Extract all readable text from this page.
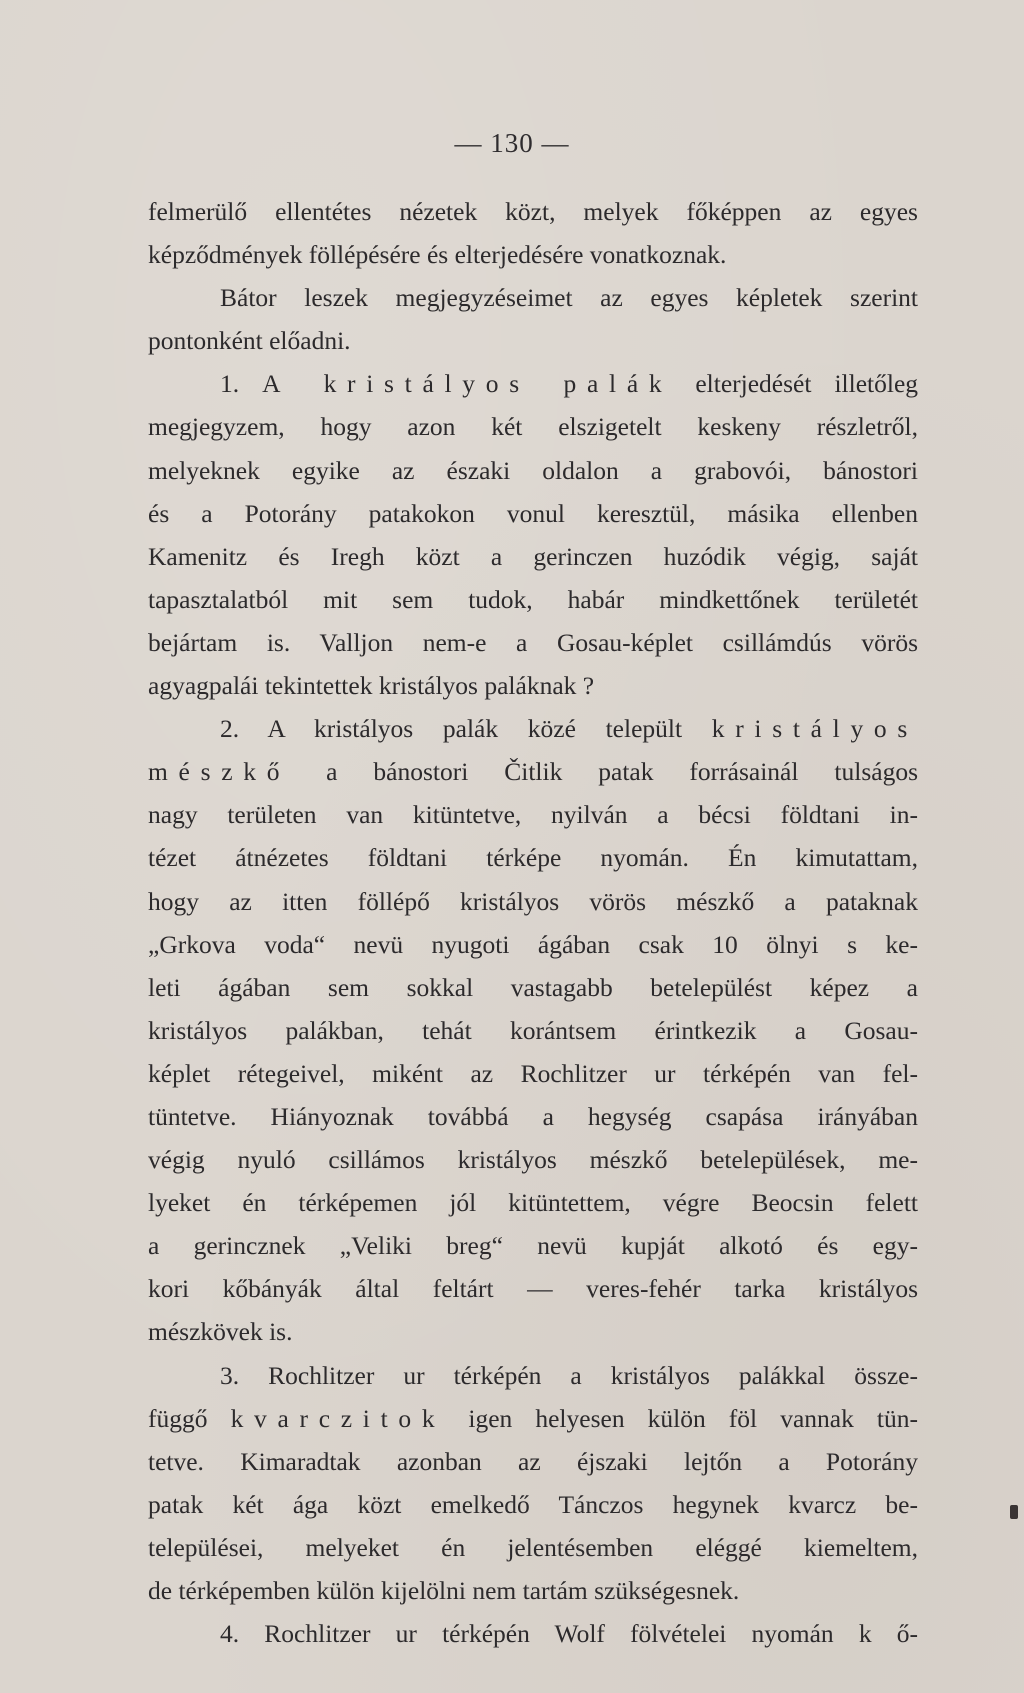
— 130 —
felmerülő ellentétes nézetek közt, melyek főképpen az egyes
képződmények föllépésére és elterjedésére vonatkoznak.
Bátor leszek megjegyzéseimet az egyes képletek szerint
pontonként előadni.
1. A kristályos palák elterjedését illetőleg
megjegyzem, hogy azon két elszigetelt keskeny részletről,
melyeknek egyike az északi oldalon a grabovói, bánostori
és a Potorány patakokon vonul keresztül, másika ellenben
Kamenitz és Iregh közt a gerinczen huzódik végig, saját
tapasztalatból mit sem tudok, habár mindkettőnek területét
bejártam is. Valljon nem-e a Gosau-képlet csillámdús vörös
agyagpalái tekintettek kristályos paláknak ?
2. A kristályos palák közé települt kristályos
mészkő a bánostori Čitlik patak forrásainál tulságos
nagy területen van kitüntetve, nyilván a bécsi földtani in-
tézet átnézetes földtani térképe nyomán. Én kimutattam,
hogy az itten föllépő kristályos vörös mészkő a pataknak
„Grkova voda“ nevü nyugoti ágában csak 10 ölnyi s ke-
leti ágában sem sokkal vastagabb betelepülést képez a
kristályos palákban, tehát korántsem érintkezik a Gosau-
képlet rétegeivel, miként az Rochlitzer ur térképén van fel-
tüntetve. Hiányoznak továbbá a hegység csapása irányában
végig nyuló csillámos kristályos mészkő betelepülések, me-
lyeket én térképemen jól kitüntettem, végre Beocsin felett
a gerincznek „Veliki breg“ nevü kupját alkotó és egy-
kori kőbányák által feltárt — veres-fehér tarka kristályos
mészkövek is.
3. Rochlitzer ur térképén a kristályos palákkal össze-
függő kvarczitok igen helyesen külön föl vannak tün-
tetve. Kimaradtak azonban az éjszaki lejtőn a Potorány
patak két ága közt emelkedő Tánczos hegynek kvarcz be-
települései, melyeket én jelentésemben eléggé kiemeltem,
de térképemben külön kijelölni nem tartám szükségesnek.
4. Rochlitzer ur térképén Wolf fölvételei nyomán k ő-
